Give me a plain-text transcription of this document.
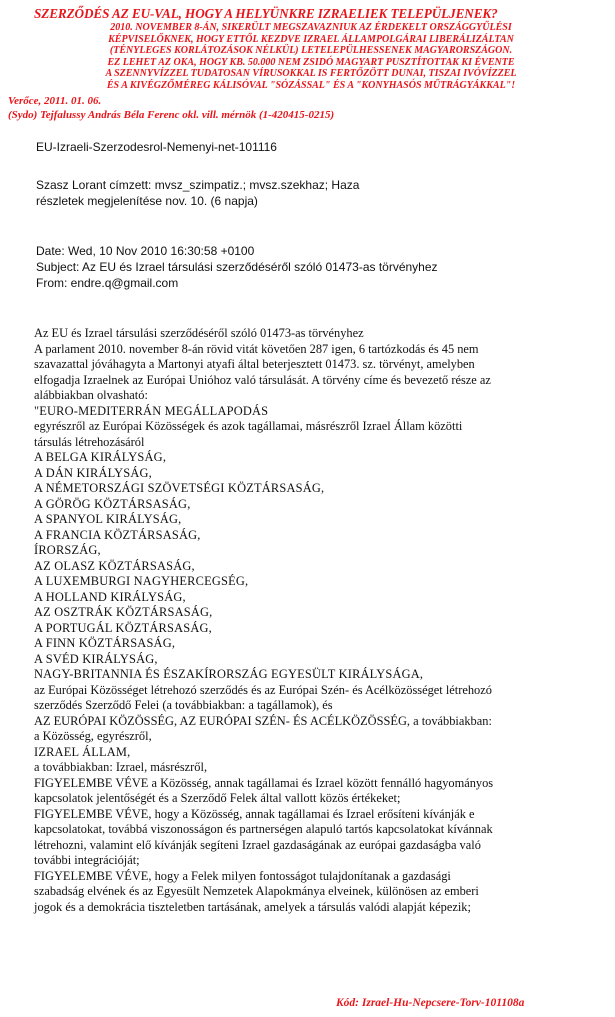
SZERZŐDÉS AZ EU-VAL, HOGY A HELYÜNKRE IZRAELIEK TELEPÜLJENEK?
2010. NOVEMBER 8-ÁN, SIKERÜLT MEGSZAVAZNIUK AZ ÉRDEKELT ORSZÁGGYŰLÉSI
KÉPVISELŐKNEK, HOGY ETTŐL KEZDVE IZRAEL ÁLLAMPOLGÁRAI LIBERÁLIZÁLTAN
(TÉNYLEGES KORLÁTOZÁSOK NÉLKÜL) LETELEPÜLHESSENEK MAGYARORSZÁGON.
EZ LEHET AZ OKA, HOGY KB. 50.000 NEM ZSIDÓ MAGYART PUSZTÍTOTTAK KI ÉVENTE
A SZENNYVÍZZEL TUDATOSAN VÍRUSOKKAL IS FERTŐZÖTT DUNAI, TISZAI IVÓVÍZZEL
ÉS A KIVÉGZŐMÉREG KÁLISÓVAL "SÓZÁSSAL" ÉS A "KONYHASÓS MŰTRÁGYÁKKAL"!
Verőce, 2011. 01. 06.
(Sydo) Tejfalussy András Béla Ferenc okl. vill. mérnök (1-420415-0215)
EU-Izraeli-Szerzodesrol-Nemenyi-net-101116
Szasz Lorant címzett: mvsz_szimpatiz.; mvsz.szekhaz; Haza
részletek megjelenítése nov. 10. (6 napja)
Date: Wed, 10 Nov 2010 16:30:58 +0100
Subject: Az EU és Izrael társulási szerződéséről szóló 01473-as törvényhez
From: endre.q@gmail.com
Az EU és Izrael társulási szerződéséről szóló 01473-as törvényhez
A parlament 2010. november 8-án rövid vitát követően 287 igen, 6 tartózkodás és 45 nem
szavazattal jóváhagyta a Martonyi atyafi által beterjesztett 01473. sz. törvényt, amelyben
elfogadja Izraelnek az Európai Unióhoz való társulását. A törvény címe és bevezető része az
alábbiakban olvasható:
"EURO-MEDITERRÁN MEGÁLLAPODÁS
egyrészről az Európai Közösségek és azok tagállamai, másrészről Izrael Állam közötti
társulás létrehozásáról
A BELGA KIRÁLYSÁG,
A DÁN KIRÁLYSÁG,
A NÉMETORSZÁGI SZÖVETSÉGI KÖZTÁRSASÁG,
A GÖRÖG KÖZTÁRSASÁG,
A SPANYOL KIRÁLYSÁG,
A FRANCIA KÖZTÁRSASÁG,
ÍRORSZÁG,
AZ OLASZ KÖZTÁRSASÁG,
A LUXEMBURGI NAGYHERCEGSÉG,
A HOLLAND KIRÁLYSÁG,
AZ OSZTRÁK KÖZTÁRSASÁG,
A PORTUGÁL KÖZTÁRSASÁG,
A FINN KÖZTÁRSASÁG,
A SVÉD KIRÁLYSÁG,
NAGY-BRITANNIA ÉS ÉSZAKÍRORSZÁG EGYESÜLT KIRÁLYSÁGA,
az Európai Közösséget létrehozó szerződés és az Európai Szén- és Acélközösséget létrehozó
szerződés Szerződő Felei (a továbbiakban: a tagállamok), és
AZ EURÓPAI KÖZÖSSÉG, AZ EURÓPAI SZÉN- ÉS ACÉLKÖZÖSSÉG, a továbbiakban:
a Közösség, egyrészről,
IZRAEL ÁLLAM,
a továbbiakban: Izrael, másrészről,
FIGYELEMBE VÉVE a Közösség, annak tagállamai és Izrael között fennálló hagyományos
kapcsolatok jelentőségét és a Szerződő Felek által vallott közös értékeket;
FIGYELEMBE VÉVE, hogy a Közösség, annak tagállamai és Izrael erősíteni kívánják e
kapcsolatokat, továbbá viszonosságon és partnerségen alapuló tartós kapcsolatokat kívánnak
létrehozni, valamint elő kívánják segíteni Izrael gazdaságának az európai gazdaságba való
további integrációját;
FIGYELEMBE VÉVE, hogy a Felek milyen fontosságot tulajdonítanak a gazdasági
szabadság elvének és az Egyesült Nemzetek Alapokmánya elveinek, különösen az emberi
jogok és a demokrácia tiszteletben tartásának, amelyek a társulás valódi alapját képezik;
Kód: Izrael-Hu-Nepcsere-Torv-101108a
